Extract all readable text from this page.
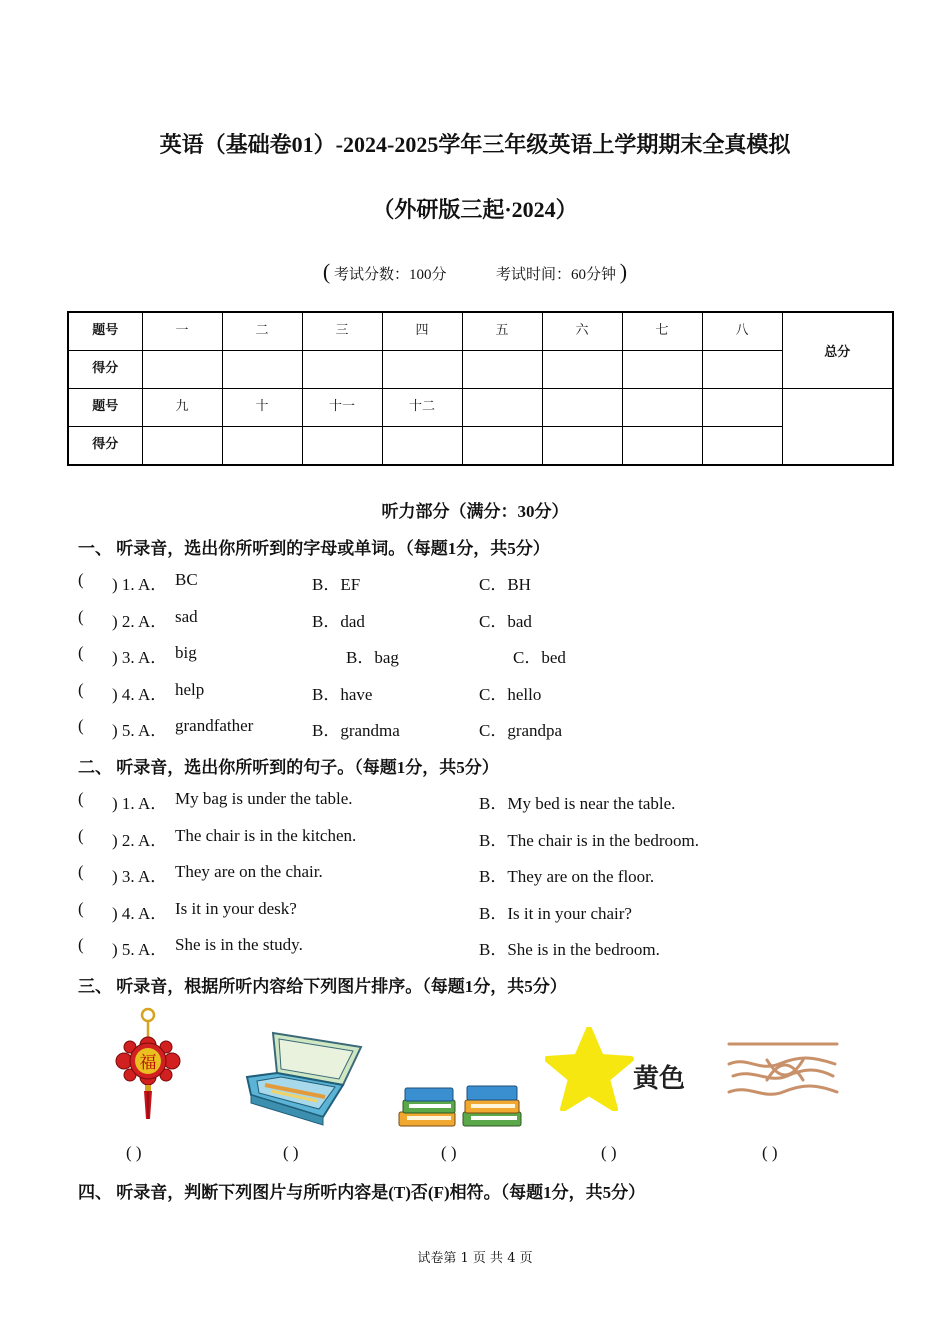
英语（基础卷01）-2024-2025学年三年级英语上学期期末全真模拟
（外研版三起·2024）
( 考试分数：100分	考试时间：60分钟 )
题号	一	二	三	四	五	六	七	八	总分
得分									
题号	九	十	十一	十二					
得分									
听力部分（满分：30分）
一、 听录音，选出你所听到的字母或单词。（每题1分，共5分）
( ) 1. A． BC	B．EF	C．BH
( ) 2. A． sad	B．dad	C．bad
( ) 3. A． big	B．bag	C．bed
( ) 4. A． help	B．have	C．hello
( ) 5. A． grandfather	B．grandma	C．grandpa
二、 听录音，选出你所听到的句子。（每题1分，共5分）
( ) 1. A． My bag is under the table.	B．My bed is near the table.
( ) 2. A． The chair is in the kitchen.	B．The chair is in the bedroom.
( ) 3. A． They are on the chair.	B．They are on the floor.
( ) 4. A． Is it in your desk?	B．Is it in your chair?
( ) 5. A． She is in the study.	B．She is in the bedroom.
三、 听录音，根据所听内容给下列图片排序。（每题1分，共5分）
福
黄色
( )	( )	( )	( )	( )
四、 听录音，判断下列图片与所听内容是(T)否(F)相符。（每题1分，共5分）
试卷第 1 页 共 4 页
